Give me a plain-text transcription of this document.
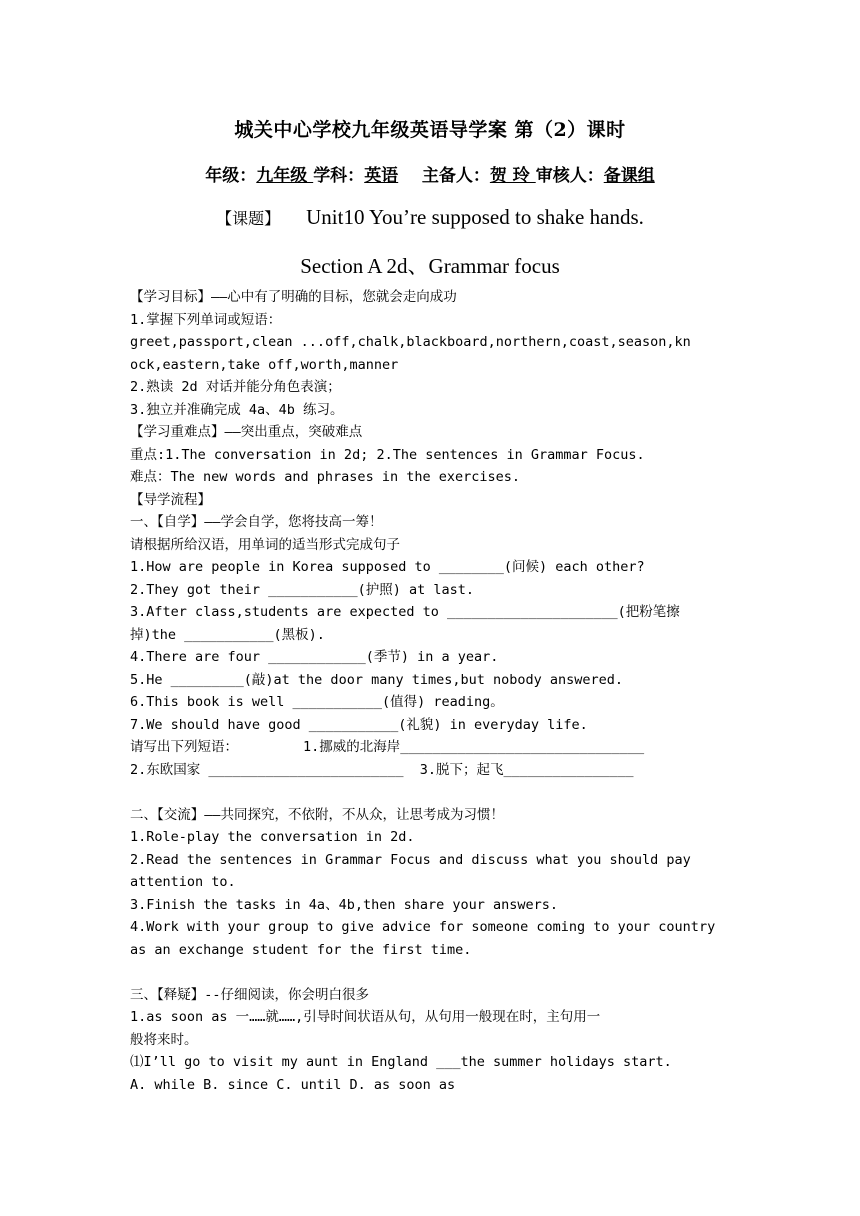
城关中心学校九年级英语导学案 第（2）课时
年级：九年级 学科：英语 主备人：贺 玲 审核人：备课组
【课题】 Unit10 You’re supposed to shake hands.
Section A 2d、Grammar focus
【学习目标】——心中有了明确的目标，您就会走向成功
1.掌握下列单词或短语：
greet,passport,clean ...off,chalk,blackboard,northern,coast,season,kn
ock,eastern,take off,worth,manner
2.熟读 2d 对话并能分角色表演；
3.独立并准确完成 4a、4b 练习。
【学习重难点】——突出重点，突破难点
重点:1.The conversation in 2d; 2.The sentences in Grammar Focus.
难点：The new words and phrases in the exercises.
【导学流程】
一、【自学】——学会自学，您将技高一筹！
请根据所给汉语，用单词的适当形式完成句子
1.How are people in Korea supposed to ________(问候) each other?
2.They got their ___________(护照) at last.
3.After class,students are expected to _____________________(把粉笔擦
掉)the ___________(黑板).
4.There are four ____________(季节) in a year.
5.He _________(敲)at the door many times,but nobody answered.
6.This book is well ___________(值得) reading。
7.We should have good ___________(礼貌) in everyday life.
请写出下列短语：        1.挪威的北海岸______________________________
2.东欧国家 ________________________  3.脱下；起飞________________
二、【交流】——共同探究，不依附，不从众，让思考成为习惯！
1.Role-play the conversation in 2d.
2.Read the sentences in Grammar Focus and discuss what you should pay
attention to.
3.Finish the tasks in 4a、4b,then share your answers.
4.Work with your group to give advice for someone coming to your country
as an exchange student for the first time.
三、【释疑】--仔细阅读，你会明白很多
1.as soon as 一……就……,引导时间状语从句，从句用一般现在时，主句用一
般将来时。
⑴I’ll go to visit my aunt in England ___the summer holidays start.
A. while B. since C. until D. as soon as
